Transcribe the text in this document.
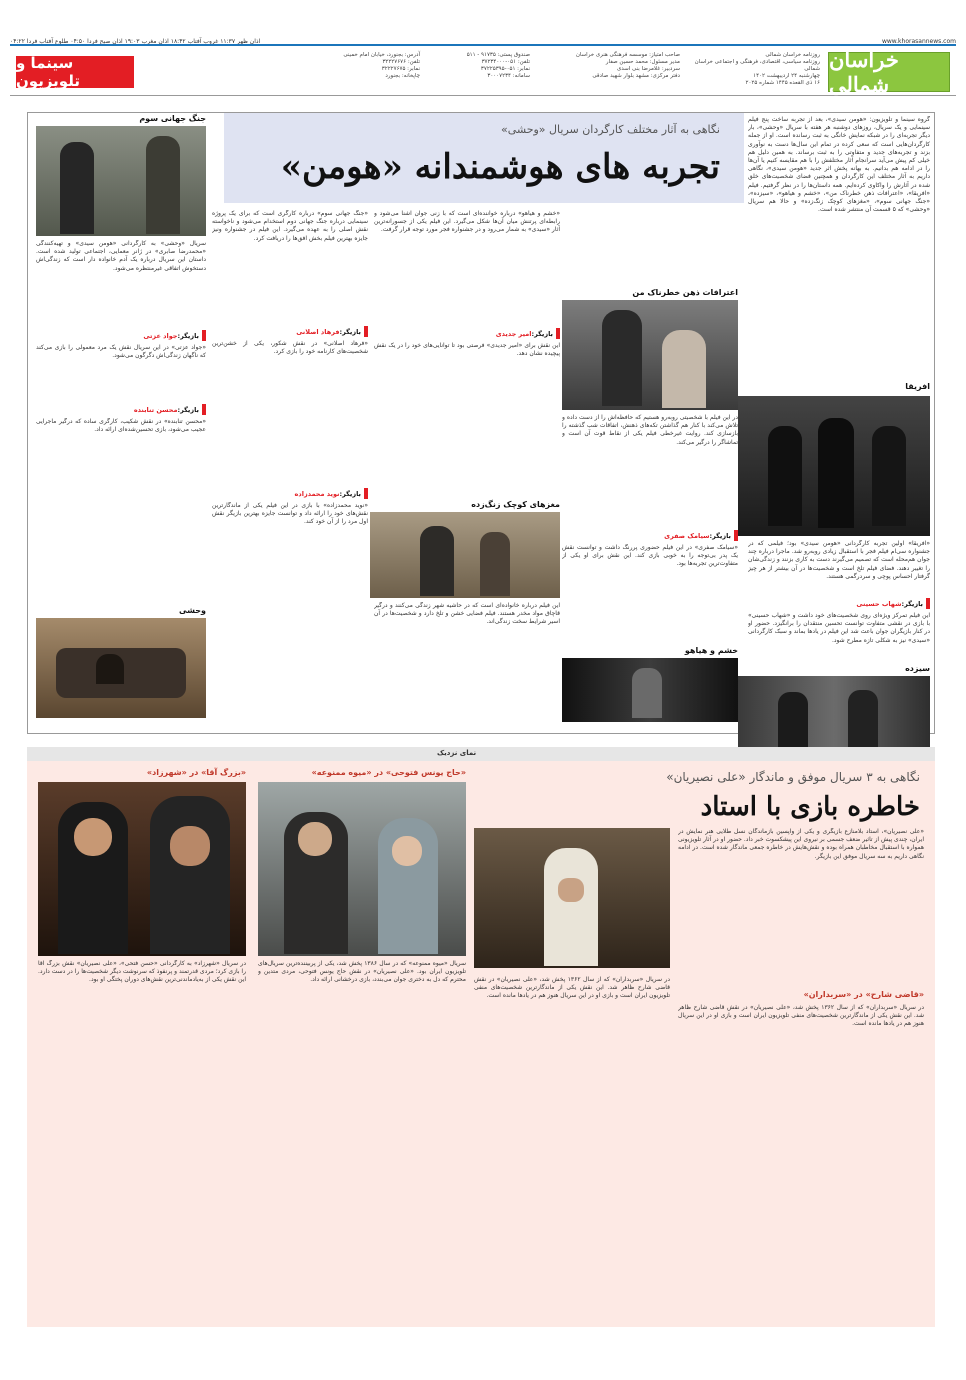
۰۴:۲۲ اذان ظهر ۱۱:۳۷ غروب آفتاب ۱۸:۴۲ اذان مغرب ۱۹:۰۳ اذان صبح فردا ۰۴:۵۰ طلوع آفتاب فردا	www.khorasannews.com
خراسان شمالی
روزنامه خراسان شمالی
روزنامه سیاسی، اقتصادی، فرهنگی و اجتماعی خراسان شمالی
چهارشنبه ۲۴ اردیبهشت ۱۴۰۲
۱۶ ذی القعده ۱۴۴۵ شماره ۲۰۲۵
صاحب امتیاز: موسسه فرهنگی هنری خراسان
مدیر مسئول: محمد حسین صفار
سردبیر: غلامرضا بنی اسدی
دفتر مرکزی: مشهد بلوار شهید صادقی
صندوق پستی: ۹۱۷۳۵ - ۵۱۱
تلفن: ۰۵۱-۳۷۲۳۴۰۰۰
نمابر: ۰۵۱-۳۷۲۲۵۳۹۵
سامانه: ۳۰۰۰۷۲۳۴
آدرس: بجنورد، خیابان امام خمینی
تلفن: ۳۲۲۲۷۶۷۶
نمابر: ۳۲۲۲۷۶۷۵
چاپخانه: بجنورد
سینما و تلویزیون
نگاهی به آثار مختلف کارگردان سریال «وحشی»
تجربه های هوشمندانه «هومن»
گروه سینما و تلویزیون: «هومن سیدی»، بعد از تجربه ساخت پنج فیلم سینمایی و یک سریال، روزهای دوشنبه هر هفته با سریال «وحشی»، بار دیگر تجربه‌ای را در شبکه نمایش خانگی به ثبت رسانده است. او از جمله کارگردان‌هایی است که سعی کرده در تمام این سال‌ها دست به نوآوری بزند و تجربه‌های جدید و متفاوتی را به ثبت برساند. به همین دلیل هم خیلی کم پیش می‌آید سرانجام آثار مختلفش را با هم مقایسه کنیم یا آن‌ها را در ادامه هم بدانیم. به بهانه پخش اثر جدید «هومن سیدی»، نگاهی داریم به آثار مختلف این کارگردان و همچنین فضای شخصیت‌های خلق شده در آثارش را واکاوی کرده‌ایم. همه داستان‌ها را در نظر گرفتیم. فیلم «افریقا»، «اعترافات ذهن خطرناک من»، «خشم و هیاهو»، «سیزده»، «جنگ جهانی سوم»، «مغزهای کوچک زنگ‌زده» و حالا هم سریال «وحشی» که ۵ قسمت آن منتشر شده است.
افریقا
«افریقا» اولین تجربه کارگردانی «هومن سیدی» بود؛ فیلمی که در جشنواره سی‌ام فیلم فجر با استقبال زیادی روبه‌رو شد. ماجرا درباره چند جوان هم‌محله است که تصمیم می‌گیرند دست به کاری بزنند و زندگی‌شان را تغییر دهند. فضای فیلم تلخ است و شخصیت‌ها در آن بیشتر از هر چیز گرفتار احساس پوچی و سردرگمی هستند.
بازیگر:
شهاب حسینی
این فیلم تمرکز ویژه‌ای روی شخصیت‌های خود داشت و «شهاب حسینی» با بازی در نقشی متفاوت توانست تحسین منتقدان را برانگیزد. حضور او در کنار بازیگران جوان باعث شد این فیلم در یادها بماند و سبک کارگردانی «سیدی» نیز به شکلی تازه مطرح شود.
سیزده
اعترافات ذهن خطرناک من
در این فیلم با شخصیتی روبه‌رو هستیم که حافظه‌اش را از دست داده و تلاش می‌کند با کنار هم گذاشتن تکه‌های ذهنش، اتفاقات شب گذشته را بازسازی کند. روایت غیرخطی فیلم یکی از نقاط قوت آن است و تماشاگر را درگیر می‌کند.
بازیگر:
سیامک صفری
«سیامک صفری» در این فیلم حضوری پررنگ داشت و توانست نقش یک پدر بی‌توجه را به خوبی بازی کند. این نقش برای او یکی از متفاوت‌ترین تجربه‌ها بود.
خشم و هیاهو
«خشم و هیاهو» درباره خواننده‌ای است که با زنی جوان آشنا می‌شود و رابطه‌ای پرتنش میان آن‌ها شکل می‌گیرد. این فیلم یکی از جسورانه‌ترین آثار «سیدی» به شمار می‌رود و در جشنواره فجر مورد توجه قرار گرفت.
بازیگر:
امیر جدیدی
این نقش برای «امیر جدیدی» فرصتی بود تا توانایی‌های خود را در یک نقش پیچیده نشان دهد.
مغزهای کوچک زنگ‌زده
این فیلم درباره خانواده‌ای است که در حاشیه شهر زندگی می‌کنند و درگیر قاچاق مواد مخدر هستند. فیلم فضایی خشن و تلخ دارد و شخصیت‌ها در آن اسیر شرایط سخت زندگی‌اند.
«جنگ جهانی سوم» درباره کارگری است که برای یک پروژه سینمایی درباره جنگ جهانی دوم استخدام می‌شود و ناخواسته نقش اصلی را به عهده می‌گیرد. این فیلم در جشنواره ونیز جایزه بهترین فیلم بخش افق‌ها را دریافت کرد.
بازیگر:
فرهاد اصلانی
«فرهاد اصلانی» در نقش شکور، یکی از خشن‌ترین شخصیت‌های کارنامه خود را بازی کرد.
بازیگر:
نوید محمدزاده
«نوید محمدزاده» با بازی در این فیلم یکی از ماندگارترین نقش‌های خود را ارائه داد و توانست جایزه بهترین بازیگر نقش اول مرد را از آن خود کند.
جنگ جهانی سوم
سریال «وحشی» به کارگردانی «هومن سیدی» و تهیه‌کنندگی «محمدرضا صابری» در ژانر معمایی، اجتماعی تولید شده است. داستان این سریال درباره یک آدم خانواده دار است که زندگی‌اش دستخوش اتفاقی غیرمنتظره می‌شود.
بازیگر:
محسن تنابنده
«محسن تنابنده» در نقش شکیب، کارگری ساده که درگیر ماجرایی عجیب می‌شود، بازی تحسین‌شده‌ای ارائه داد.
وحشی
بازیگر:
جواد عزتی
«جواد عزتی» در این سریال نقش یک مرد معمولی را بازی می‌کند که ناگهان زندگی‌اش دگرگون می‌شود.
نمای نزدیک
نگاهی به ۳ سریال موفق و ماندگار «علی نصیریان»
خاطره بازی با استاد
«علی نصیریان»، استاد بلامنازع بازیگری و یکی از واپسین بازماندگان نسل طلایی هنر نمایش در ایران، چندی پیش از تاثیر ضعف جسمی بر نیروی این پیشکسوت خبر داد. حضور او در آثار تلویزیونی همواره با استقبال مخاطبان همراه بوده و نقش‌هایش در خاطره جمعی ماندگار شده است. در ادامه نگاهی داریم به سه سریال موفق این بازیگر.
«قاضی شارح» در «سربداران»
در سریال «سربداران» که از سال ۱۳۶۲ پخش شد، «علی نصیریان» در نقش قاضی شارح ظاهر شد. این نقش یکی از ماندگارترین شخصیت‌های منفی تلویزیون ایران است و بازی او در این سریال هنوز هم در یادها مانده است.
در سریال «سربداران» که از سال ۱۳۶۲ پخش شد، «علی نصیریان» در نقش قاضی شارح ظاهر شد. این نقش یکی از ماندگارترین شخصیت‌های منفی تلویزیون ایران است و بازی او در این سریال هنوز هم در یادها مانده است.
«حاج یونس فتوحی» در «میوه ممنوعه»
سریال «میوه ممنوعه» که در سال ۱۳۸۶ پخش شد، یکی از پربیننده‌ترین سریال‌های تلویزیون ایران بود. «علی نصیریان» در نقش حاج یونس فتوحی، مردی متدین و محترم که دل به دختری جوان می‌بندد، بازی درخشانی ارائه داد.
«بزرگ آقا» در «شهرزاد»
در سریال «شهرزاد» به کارگردانی «حسن فتحی»، «علی نصیریان» نقش بزرگ آقا را بازی کرد؛ مردی قدرتمند و پرنفوذ که سرنوشت دیگر شخصیت‌ها را در دست دارد. این نقش یکی از به‌یادماندنی‌ترین نقش‌های دوران پختگی او بود.
